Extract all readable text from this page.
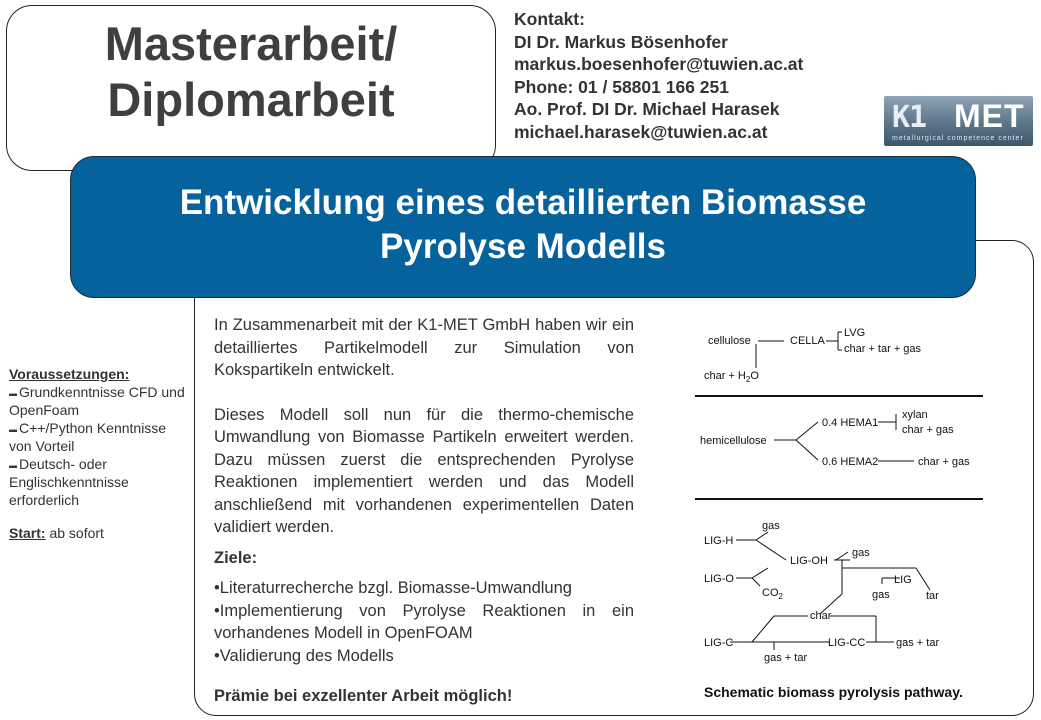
Masterarbeit/
Diplomarbeit
Kontakt:
DI Dr. Markus Bösenhofer
markus.boesenhofer@tuwien.ac.at
Phone: 01 / 58801 166 251
Ao. Prof. DI Dr. Michael Harasek
michael.harasek@tuwien.ac.at	K1 MET
metallurgical competence center
Entwicklung eines detaillierten Biomasse
Pyrolyse Modells
Voraussetzungen:
▬ Grundkenntnisse CFD und OpenFoam
▬ C++/Python Kenntnisse von Vorteil
▬ Deutsch- oder Englischkenntnisse erforderlich
Start: ab sofort

In Zusammenarbeit mit der K1-MET GmbH haben wir ein detailliertes Partikelmodell zur Simulation von Kokspartikeln entwickelt.

Dieses Modell soll nun für die thermo-chemische Umwandlung von Biomasse Partikeln erweitert werden. Dazu müssen zuerst die entsprechenden Pyrolyse Reaktionen implementiert werden und das Modell anschließend mit vorhandenen experimentellen Daten validiert werden.

Ziele:

•Literaturrecherche bzgl. Biomasse-Umwandlung

•Implementierung von Pyrolyse Reaktionen in ein vorhandenes Modell in OpenFOAM

•Validierung des Modells

Prämie bei exzellenter Arbeit möglich!
cellulose	CELLA
LVG
char + tar + gas
char + $H_2O$
hemicellulose
0.4 HEMA1
xylan
char + gas
0.6 HEMA2	char + gas
LIG-H
gas
LIG-OH
gas
LIG-O
$CO_2$
LIG
gas	tar
char
LIG-C	LIG-CC	gas + tar
gas + tar
Schematic biomass pyrolysis pathway.
